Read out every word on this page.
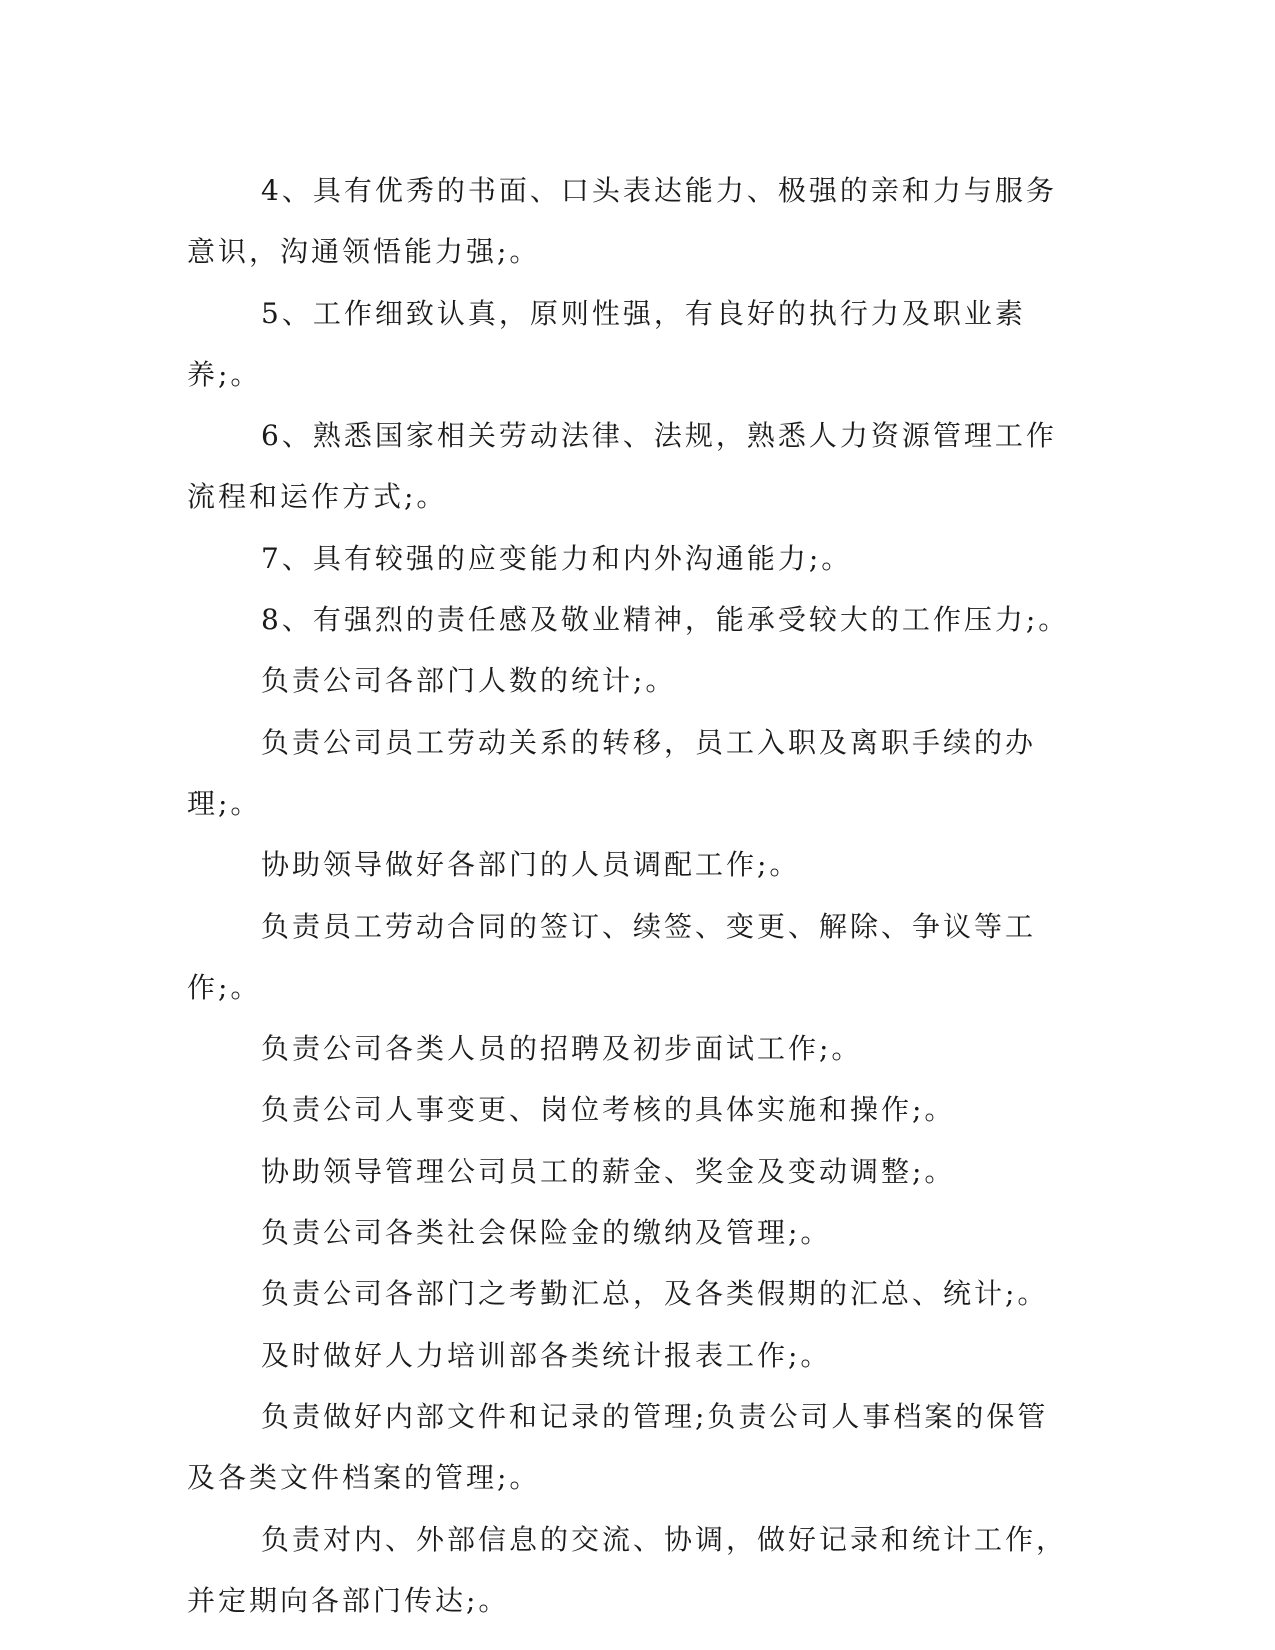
4、具有优秀的书面、口头表达能力、极强的亲和力与服务意识，沟通领悟能力强;。

5、工作细致认真，原则性强，有良好的执行力及职业素养;。

6、熟悉国家相关劳动法律、法规，熟悉人力资源管理工作流程和运作方式;。

7、具有较强的应变能力和内外沟通能力;。

8、有强烈的责任感及敬业精神，能承受较大的工作压力;。

负责公司各部门人数的统计;。

负责公司员工劳动关系的转移，员工入职及离职手续的办理;。

协助领导做好各部门的人员调配工作;。

负责员工劳动合同的签订、续签、变更、解除、争议等工作;。

负责公司各类人员的招聘及初步面试工作;。

负责公司人事变更、岗位考核的具体实施和操作;。

协助领导管理公司员工的薪金、奖金及变动调整;。

负责公司各类社会保险金的缴纳及管理;。

负责公司各部门之考勤汇总，及各类假期的汇总、统计;。

及时做好人力培训部各类统计报表工作;。

负责做好内部文件和记录的管理;负责公司人事档案的保管及各类文件档案的管理;。

负责对内、外部信息的交流、协调，做好记录和统计工作，并定期向各部门传达;。
